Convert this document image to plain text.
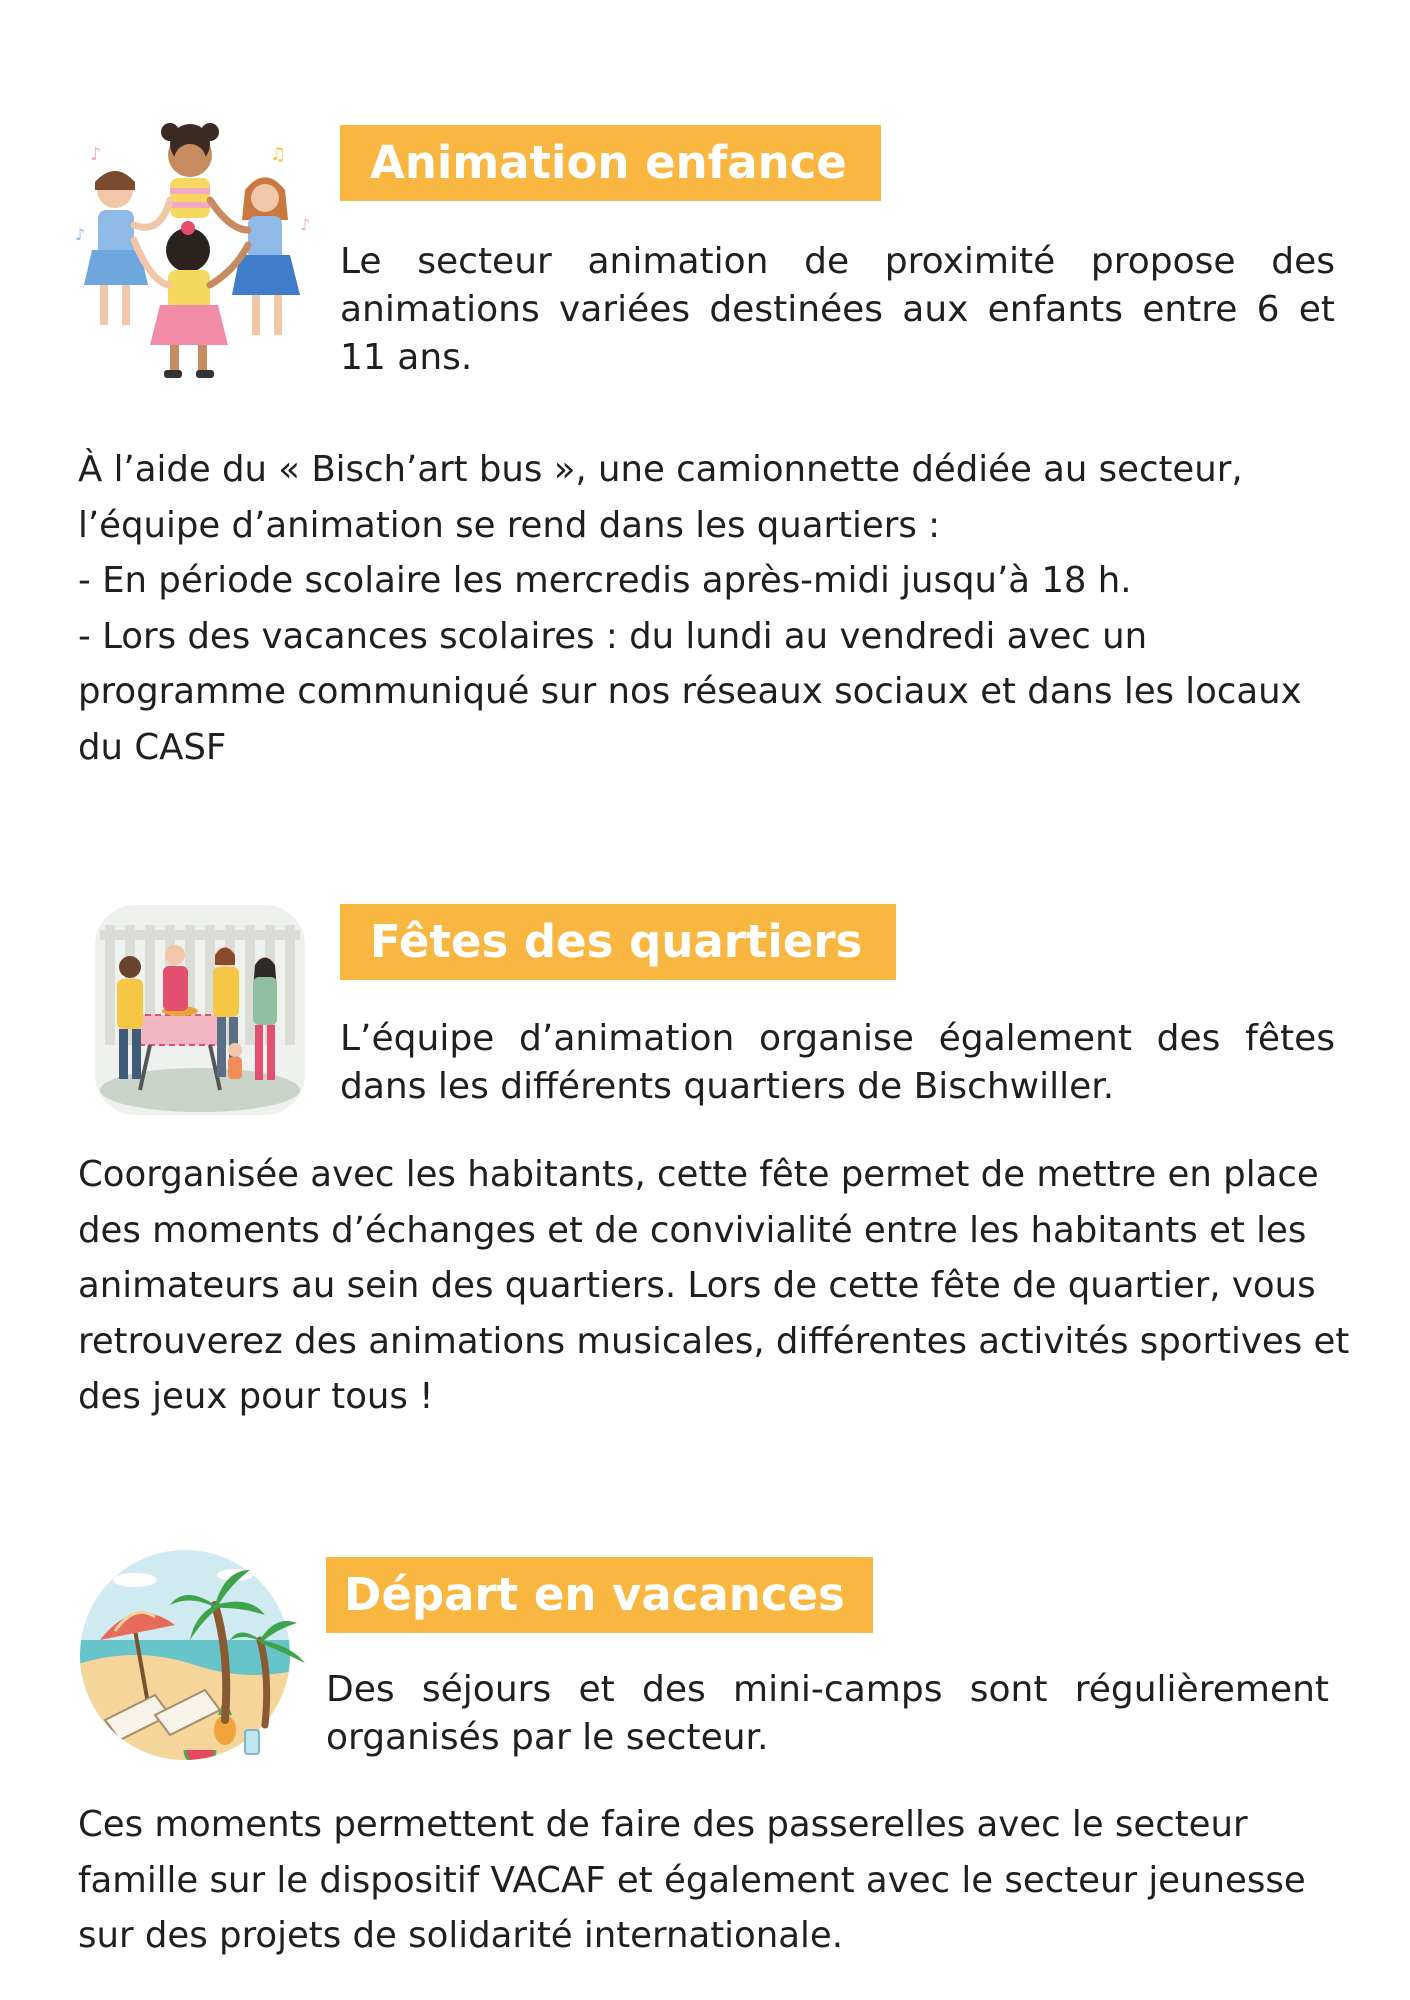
♪	♫
♪
♪
Animation enfance

Le secteur animation de proximité propose des animations variées destinées aux enfants entre 6 et 11 ans.

À l’aide du « Bisch’art bus », une camionnette dédiée au secteur,
l’équipe d’animation se rend dans les quartiers :
- En période scolaire les mercredis après-midi jusqu’à 18 h.
- Lors des vacances scolaires : du lundi au vendredi avec un
programme communiqué sur nos réseaux sociaux et dans les locaux
du CASF
Fêtes des quartiers

L’équipe d’animation organise également des fêtes dans les différents quartiers de Bischwiller.

Coorganisée avec les habitants, cette fête permet de mettre en place
des moments d’échanges et de convivialité entre les habitants et les
animateurs au sein des quartiers. Lors de cette fête de quartier, vous
retrouverez des animations musicales, différentes activités sportives et
des jeux pour tous !
Départ en vacances

Des séjours et des mini-camps sont régulièrement organisés par le secteur.

Ces moments permettent de faire des passerelles avec le secteur
famille sur le dispositif VACAF et également avec le secteur jeunesse
sur des projets de solidarité internationale.
